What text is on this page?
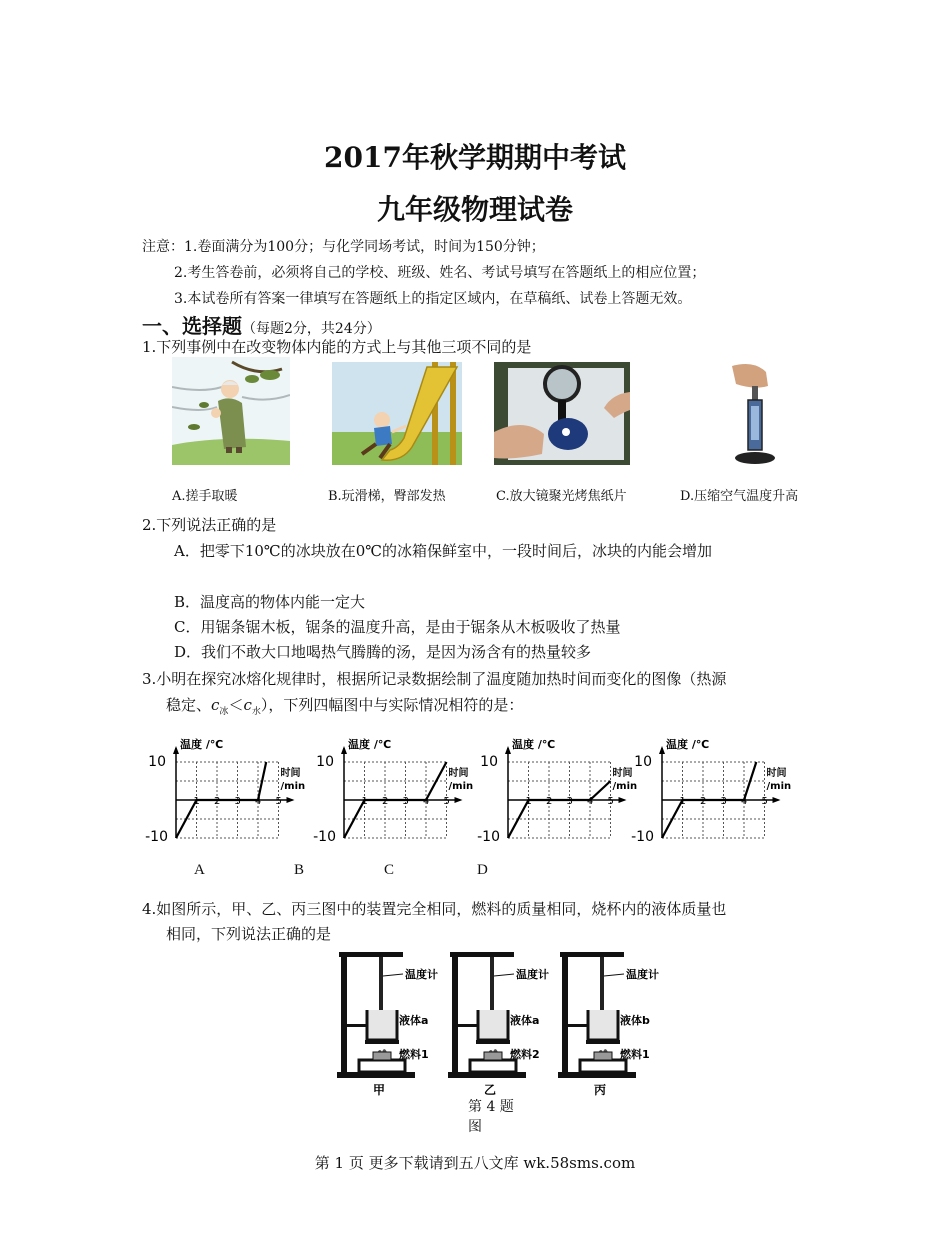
2017年秋学期期中考试
九年级物理试卷
注意：1.卷面满分为100分；与化学同场考试，时间为150分钟；
2.考生答卷前，必须将自己的学校、班级、姓名、考试号填写在答题纸上的相应位置；
3.本试卷所有答案一律填写在答题纸上的指定区域内，在草稿纸、试卷上答题无效。
一、选择题（每题2分，共24分）
1.下列事例中在改变物体内能的方式上与其他三项不同的是
A.搓手取暖	B.玩滑梯，臀部发热	C.放大镜聚光烤焦纸片	D.压缩空气温度升高
2.下列说法正确的是
A．把零下10℃的冰块放在0℃的冰箱保鲜室中，一段时间后，冰块的内能会增加
B．温度高的物体内能一定大
C．用锯条锯木板，锯条的温度升高，是由于锯条从木板吸收了热量
D．我们不敢大口地喝热气腾腾的汤，是因为汤含有的热量较多
3.小明在探究冰熔化规律时，根据所记录数据绘制了温度随加热时间而变化的图像（热源
稳定、$c_冰<c_水$），下列四幅图中与实际情况相符的是：
1 2 3 4 5
10
-10
温度 /℃
时间
/min
1 2 3 4 5
10
-10
温度 /℃
时间
/min
1 2 3 4 5
10
-10
温度 /℃
时间
/min
1 2 3 4 5
10
-10
温度 /℃
时间
/min
A	B	C	D
4.如图所示，甲、乙、丙三图中的装置完全相同，燃料的质量相同，烧杯内的液体质量也
相同，下列说法正确的是
温度计
液体a
燃料1
甲
温度计
液体a
燃料2
乙
温度计
液体b
燃料1
丙
第 4 题
图
第 1 页 更多下载请到五八文库 wk.58sms.com
